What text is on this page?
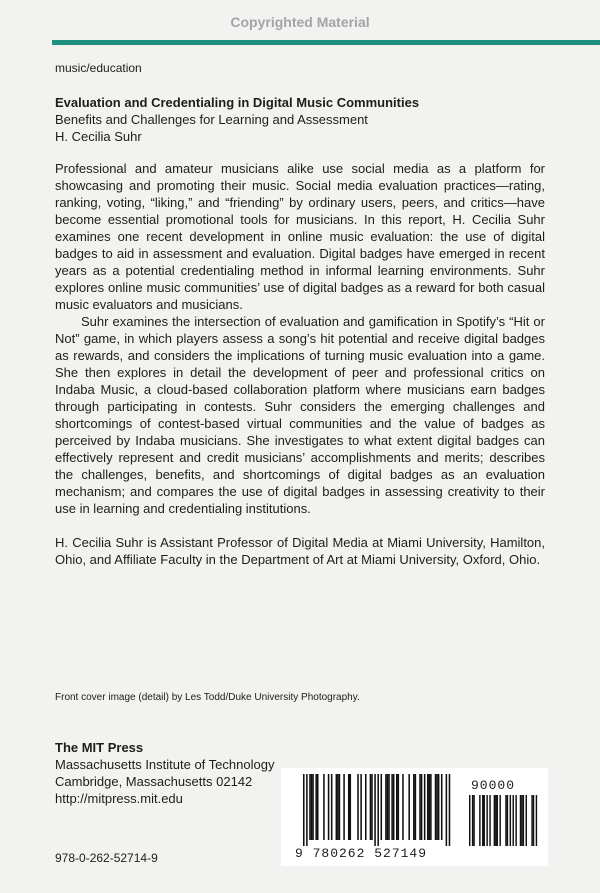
Copyrighted Material
music/education
Evaluation and Credentialing in Digital Music Communities
Benefits and Challenges for Learning and Assessment
H. Cecilia Suhr

Professional and amateur musicians alike use social media as a platform for showcasing and promoting their music. Social media evaluation practices—rating, ranking, voting, “liking,” and “friending” by ordinary users, peers, and critics—have become essential promotional tools for musicians. In this report, H. Cecilia Suhr examines one recent development in online music evaluation: the use of digital badges to aid in assessment and evaluation. Digital badges have emerged in recent years as a potential credentialing method in informal learning environments. Suhr explores online music communities’ use of digital badges as a reward for both casual music evaluators and musicians.

Suhr examines the intersection of evaluation and gamification in Spotify’s “Hit or Not” game, in which players assess a song’s hit potential and receive digital badges as rewards, and considers the implications of turning music evaluation into a game. She then explores in detail the development of peer and professional critics on Indaba Music, a cloud-based collaboration platform where musicians earn badges through participating in contests. Suhr considers the emerging challenges and shortcomings of contest-based virtual communities and the value of badges as perceived by Indaba musicians. She investigates to what extent digital badges can effectively represent and credit musicians’ accomplishments and merits; describes the challenges, benefits, and shortcomings of digital badges as an evaluation mechanism; and compares the use of digital badges in assessing creativity to their use in learning and credentialing institutions.

H. Cecilia Suhr is Assistant Professor of Digital Media at Miami University, Hamilton, Ohio, and Affiliate Faculty in the Department of Art at Miami University, Oxford, Ohio.

Front cover image (detail) by Les Todd/Duke University Photography.
The MIT Press
Massachusetts Institute of Technology
Cambridge, Massachusetts 02142
http://mitpress.mit.edu
978-0-262-52714-9	9 780262 527149
90000
